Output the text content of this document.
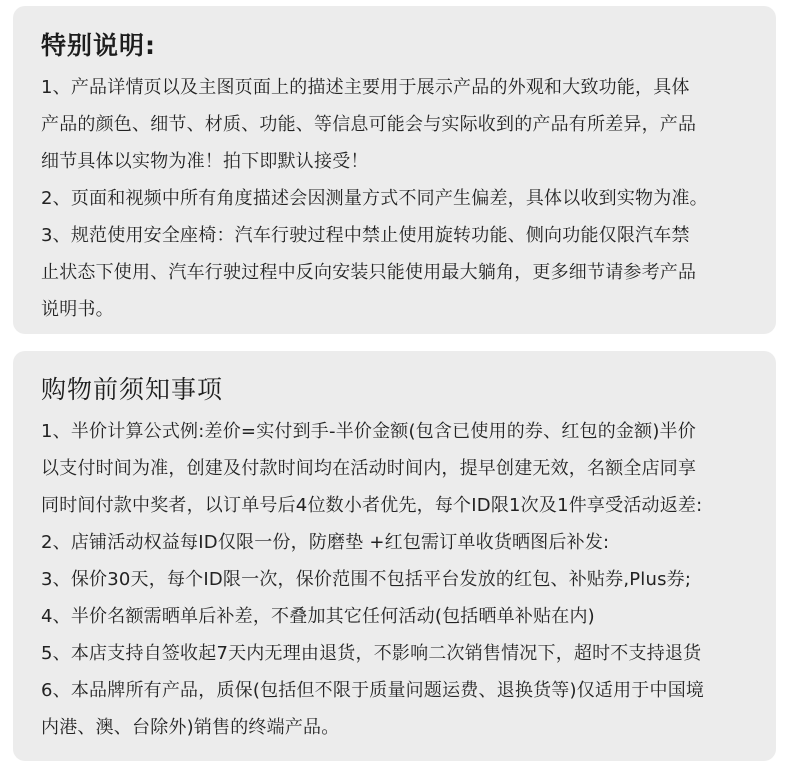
特别说明:
1、产品详情页以及主图页面上的描述主要用于展示产品的外观和大致功能，具体
产品的颜色、细节、材质、功能、等信息可能会与实际收到的产品有所差异，产品
细节具体以实物为准！拍下即默认接受！
2、页面和视频中所有角度描述会因测量方式不同产生偏差，具体以收到实物为准。
3、规范使用安全座椅：汽车行驶过程中禁止使用旋转功能、侧向功能仅限汽车禁
止状态下使用、汽车行驶过程中反向安装只能使用最大躺角，更多细节请参考产品
说明书。
购物前须知事项
1、半价计算公式例:差价=实付到手-半价金额(包含已使用的券、红包的金额)半价
以支付时间为准，创建及付款时间均在活动时间内，提早创建无效，名额全店同享
同时间付款中奖者，以订单号后4位数小者优先，每个ID限1次及1件享受活动返差:
2、店铺活动权益每ID仅限一份，防磨垫 +红包需订单收货晒图后补发:
3、保价30天，每个ID限一次，保价范围不包括平台发放的红包、补贴券,Plus券;
4、半价名额需晒单后补差，不叠加其它任何活动(包括晒单补贴在内)
5、本店支持自签收起7天内无理由退货，不影响二次销售情况下，超时不支持退货
6、本品牌所有产品，质保(包括但不限于质量问题运费、退换货等)仅适用于中国境
内港、澳、台除外)销售的终端产品。
